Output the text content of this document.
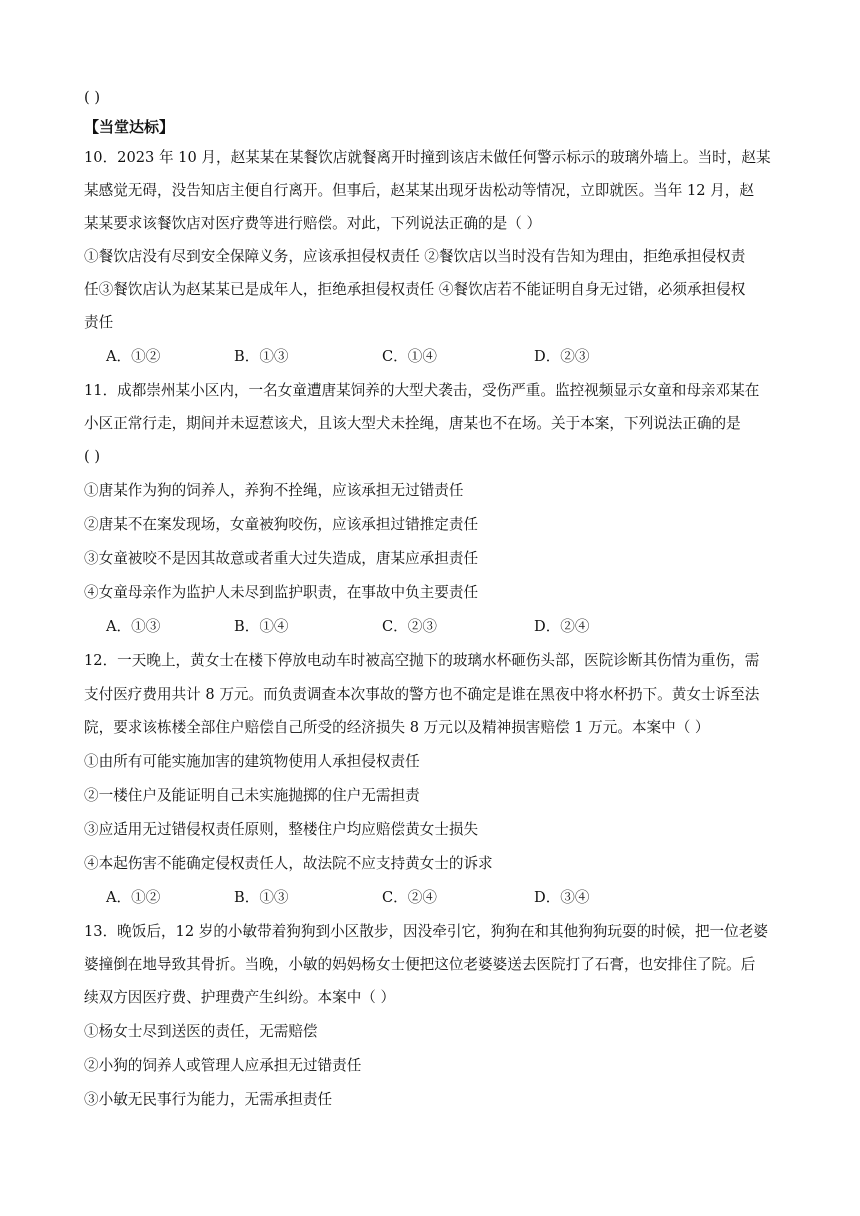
( )
【当堂达标】
10．2023 年 10 月，赵某某在某餐饮店就餐离开时撞到该店未做任何警示标示的玻璃外墙上。当时，赵某
某感觉无碍，没告知店主便自行离开。但事后，赵某某出现牙齿松动等情况，立即就医。当年 12 月，赵
某某要求该餐饮店对医疗费等进行赔偿。对此，下列说法正确的是（ ）
①餐饮店没有尽到安全保障义务，应该承担侵权责任 ②餐饮店以当时没有告知为理由，拒绝承担侵权责
任③餐饮店认为赵某某已是成年人，拒绝承担侵权责任 ④餐饮店若不能证明自身无过错，必须承担侵权
责任
A．①②	B．①③	C．①④	D．②③
11．成都崇州某小区内，一名女童遭唐某饲养的大型犬袭击，受伤严重。监控视频显示女童和母亲邓某在
小区正常行走，期间并未逗惹该犬，且该大型犬未拴绳，唐某也不在场。关于本案，下列说法正确的是
( )
①唐某作为狗的饲养人，养狗不拴绳，应该承担无过错责任
②唐某不在案发现场，女童被狗咬伤，应该承担过错推定责任
③女童被咬不是因其故意或者重大过失造成，唐某应承担责任
④女童母亲作为监护人未尽到监护职责，在事故中负主要责任
A．①③	B．①④	C．②③	D．②④
12．一天晚上，黄女士在楼下停放电动车时被高空抛下的玻璃水杯砸伤头部，医院诊断其伤情为重伤，需
支付医疗费用共计 8 万元。而负责调查本次事故的警方也不确定是谁在黑夜中将水杯扔下。黄女士诉至法
院，要求该栋楼全部住户赔偿自己所受的经济损失 8 万元以及精神损害赔偿 1 万元。本案中（ ）
①由所有可能实施加害的建筑物使用人承担侵权责任
②一楼住户及能证明自己未实施抛掷的住户无需担责
③应适用无过错侵权责任原则，整楼住户均应赔偿黄女士损失
④本起伤害不能确定侵权责任人，故法院不应支持黄女士的诉求
A．①②	B．①③	C．②④	D．③④
13．晚饭后，12 岁的小敏带着狗狗到小区散步，因没牵引它，狗狗在和其他狗狗玩耍的时候，把一位老婆
婆撞倒在地导致其骨折。当晚，小敏的妈妈杨女士便把这位老婆婆送去医院打了石膏，也安排住了院。后
续双方因医疗费、护理费产生纠纷。本案中（ ）
①杨女士尽到送医的责任，无需赔偿
②小狗的饲养人或管理人应承担无过错责任
③小敏无民事行为能力，无需承担责任
